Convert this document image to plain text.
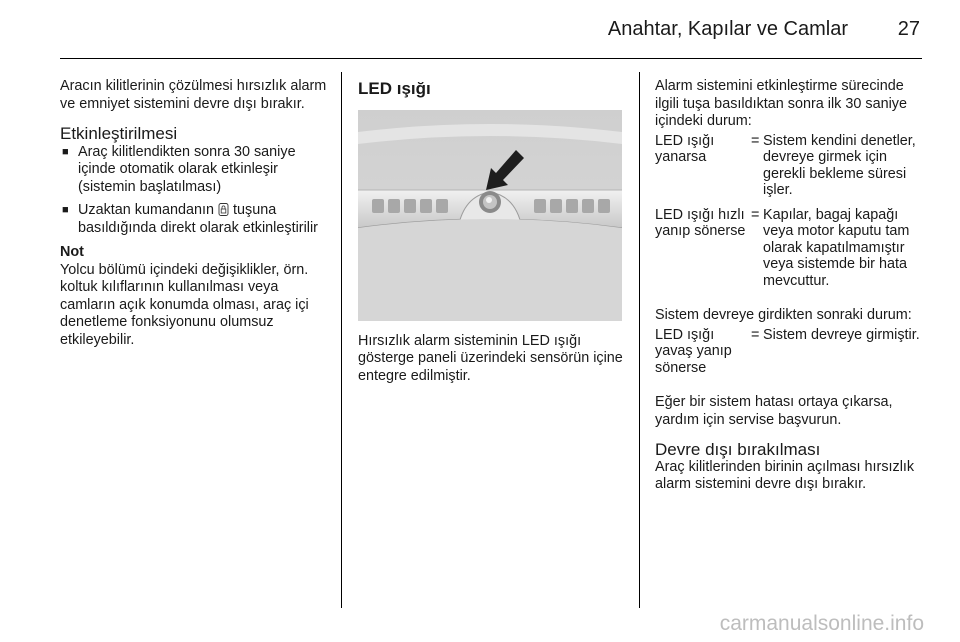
Anahtar, Kapılar ve Camlar 27

Aracın kilitlerinin çözülmesi hırsızlık alarm ve emniyet sistemini devre dışı bırakır.

Etkinleştirilmesi
■ Araç kilitlendikten sonra 30 saniye içinde otomatik olarak etkinleşir (sistemin başlatılması)
■ Uzaktan kumandanın tuşuna basıldığında direkt olarak etkinleştirilir
Not

Yolcu bölümü içindeki değişiklikler, örn. koltuk kılıflarının kullanılması veya camların açık konumda olması, araç içi denetleme fonksiyonunu olumsuz etkileyebilir.

LED ışığı

Hırsızlık alarm sisteminin LED ışığı gösterge paneli üzerindeki sensörün içine entegre edilmiştir.

Alarm sistemini etkinleştirme sürecinde ilgili tuşa basıldıktan sonra ilk 30 saniye içindeki durum:

LED ışığı yanarsa	=	Sistem kendini denetler, devreye girmek için gerekli bekleme süresi işler.
LED ışığı hızlı yanıp sönerse	=	Kapılar, bagaj kapağı veya motor kaputu tam olarak kapatılmamıştır veya sistemde bir hata mevcuttur.

Sistem devreye girdikten sonraki durum:

LED ışığı yavaş yanıp sönerse	=	Sistem devreye girmiştir.

Eğer bir sistem hatası ortaya çıkarsa, yardım için servise başvurun.

Devre dışı bırakılması

Araç kilitlerinden birinin açılması hırsızlık alarm sistemini devre dışı bırakır.

carmanualsonline.info
